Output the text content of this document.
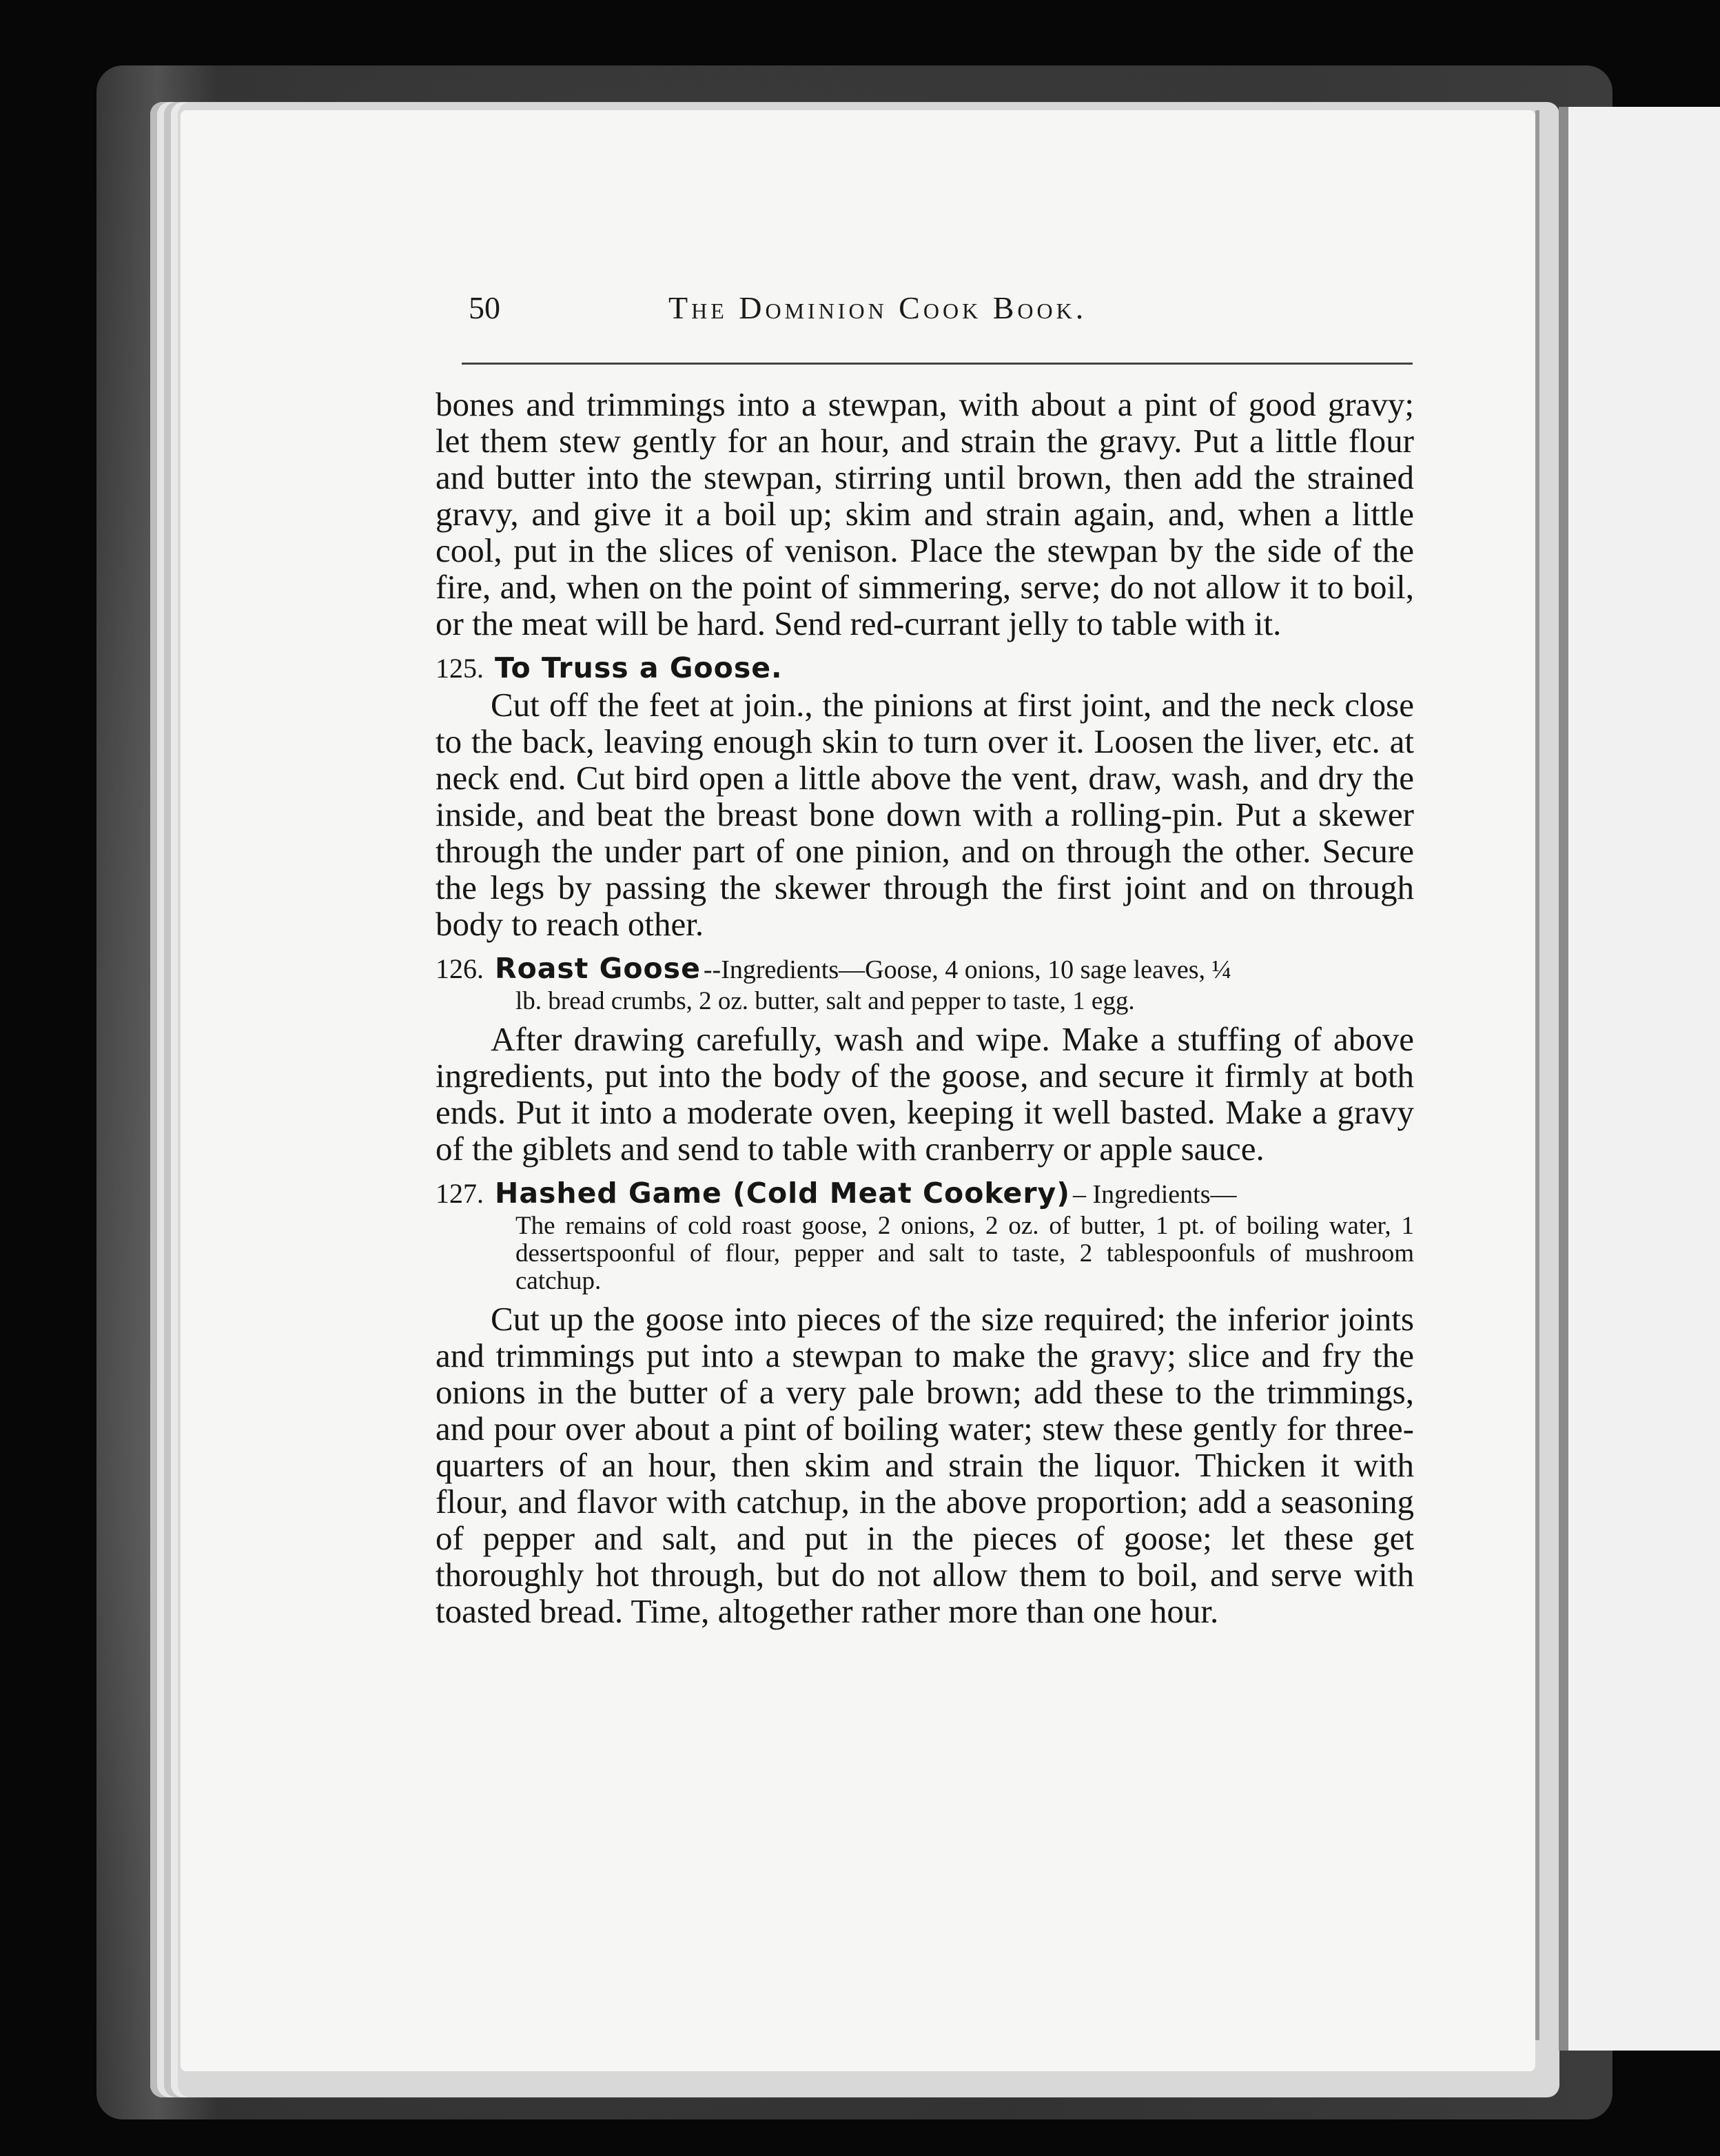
50	The Dominion Cook Book.

bones and trimmings into a stewpan, with about a pint of good gravy; let them stew gently for an hour, and strain the gravy. Put a little flour and butter into the stewpan, stirring until brown, then add the strained gravy, and give it a boil up; skim and strain again, and, when a little cool, put in the slices of venison. Place the stewpan by the side of the fire, and, when on the point of simmering, serve; do not allow it to boil, or the meat will be hard. Send red-currant jelly to table with it.

125. To Truss a Goose.

Cut off the feet at join., the pinions at first joint, and the neck close to the back, leaving enough skin to turn over it. Loosen the liver, etc. at neck end. Cut bird open a little above the vent, draw, wash, and dry the inside, and beat the breast bone down with a rolling-pin. Put a skewer through the under part of one pinion, and on through the other. Secure the legs by passing the skewer through the first joint and on through body to reach other.

126. Roast Goose --Ingredients—Goose, 4 onions, 10 sage leaves, ¼

lb. bread crumbs, 2 oz. butter, salt and pepper to taste, 1 egg.

After drawing carefully, wash and wipe. Make a stuffing of above ingredients, put into the body of the goose, and secure it firmly at both ends. Put it into a moderate oven, keeping it well basted. Make a gravy of the giblets and send to table with cranberry or apple sauce.

127. Hashed Game (Cold Meat Cookery) – Ingredients—

The remains of cold roast goose, 2 onions, 2 oz. of butter, 1 pt. of boiling water, 1 dessertspoonful of flour, pepper and salt to taste, 2 tablespoonfuls of mushroom catchup.

Cut up the goose into pieces of the size required; the inferior joints and trimmings put into a stewpan to make the gravy; slice and fry the onions in the butter of a very pale brown; add these to the trimmings, and pour over about a pint of boiling water; stew these gently for three-quarters of an hour, then skim and strain the liquor. Thicken it with flour, and flavor with catchup, in the above proportion; add a seasoning of pepper and salt, and put in the pieces of goose; let these get thoroughly hot through, but do not allow them to boil, and serve with toasted bread. Time, altogether rather more than one hour.
